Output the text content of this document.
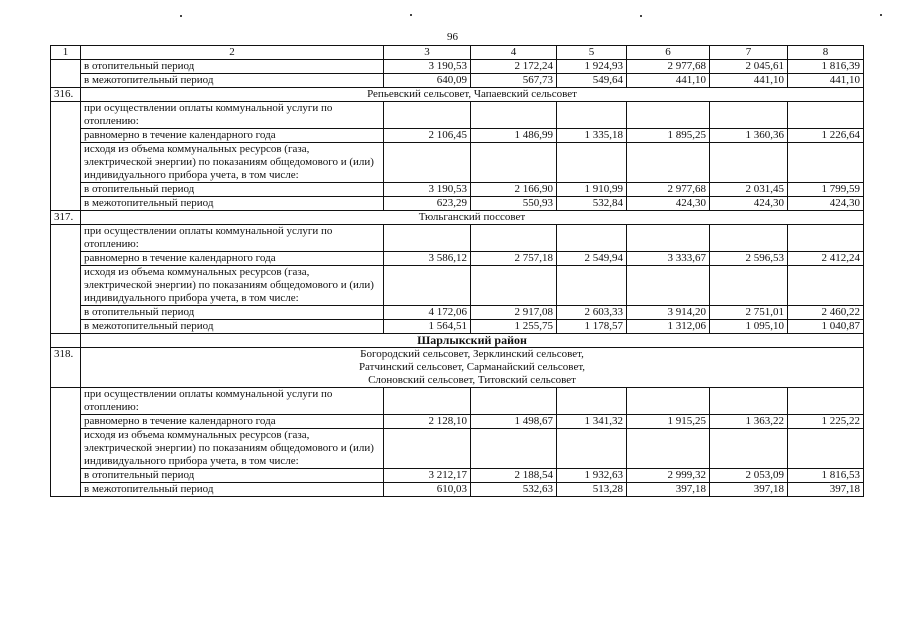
96
1	2	3	4	5	6	7	8
	в отопительный период	3 190,53	2 172,24	1 924,93	2 977,68	2 045,61	1 816,39
	в межотопительный период	640,09	567,73	549,64	441,10	441,10	441,10
316.	Репьевский сельсовет, Чапаевский сельсовет						

	при осуществлении оплаты коммунальной услуги по отоплению:						
	равномерно в течение календарного года	2 106,45	1 486,99	1 335,18	1 895,25	1 360,36	1 226,64
	исходя из объема коммунальных ресурсов (газа, электрической энергии) по показаниям общедомового и (или) индивидуального прибора учета, в том числе:						
	в отопительный период	3 190,53	2 166,90	1 910,99	2 977,68	2 031,45	1 799,59
	в межотопительный период	623,29	550,93	532,84	424,30	424,30	424,30
317.	Тюльганский поссовет						

	при осуществлении оплаты коммунальной услуги по отоплению:						
	равномерно в течение календарного года	3 586,12	2 757,18	2 549,94	3 333,67	2 596,53	2 412,24
	исходя из объема коммунальных ресурсов (газа, электрической энергии) по показаниям общедомового и (или) индивидуального прибора учета, в том числе:						
	в отопительный период	4 172,06	2 917,08	2 603,33	3 914,20	2 751,01	2 460,22
	в межотопительный период	1 564,51	1 255,75	1 178,57	1 312,06	1 095,10	1 040,87
	Шарлыкский район						
318.	Богородский сельсовет, Зерклинский сельсовет,
Ратчинский сельсовет, Сарманайский сельсовет,
Слоновский сельсовет, Титовский сельсовет						

	при осуществлении оплаты коммунальной услуги по отоплению:						
	равномерно в течение календарного года	2 128,10	1 498,67	1 341,32	1 915,25	1 363,22	1 225,22
	исходя из объема коммунальных ресурсов (газа, электрической энергии) по показаниям общедомового и (или) индивидуального прибора учета, в том числе:						
	в отопительный период	3 212,17	2 188,54	1 932,63	2 999,32	2 053,09	1 816,53
	в межотопительный период	610,03	532,63	513,28	397,18	397,18	397,18
